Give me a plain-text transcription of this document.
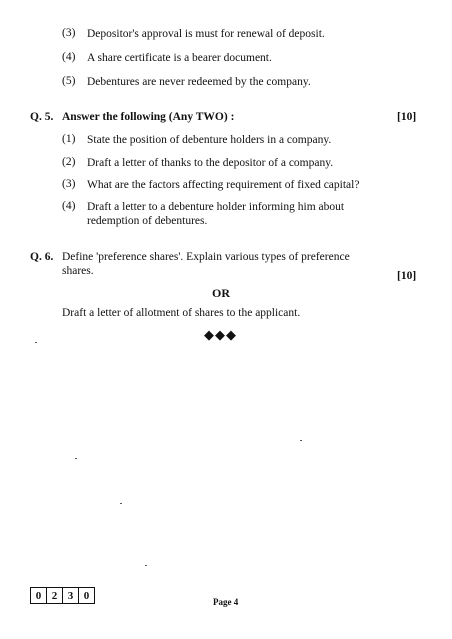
(3) Depositor's approval is must for renewal of deposit.
(4) A share certificate is a bearer document.
(5) Debentures are never redeemed by the company.
Q. 5. Answer the following (Any TWO) :	[10]
(1) State the position of debenture holders in a company.
(2) Draft a letter of thanks to the depositor of a company.
(3) What are the factors affecting requirement of fixed capital?
(4) Draft a letter to a debenture holder informing him about
redemption of debentures.
Q. 6. Define 'preference shares'. Explain various types of preference
shares.	[10]
OR
Draft a letter of allotment of shares to the applicant.
◆◆◆
0 2 3 0
Page 4
